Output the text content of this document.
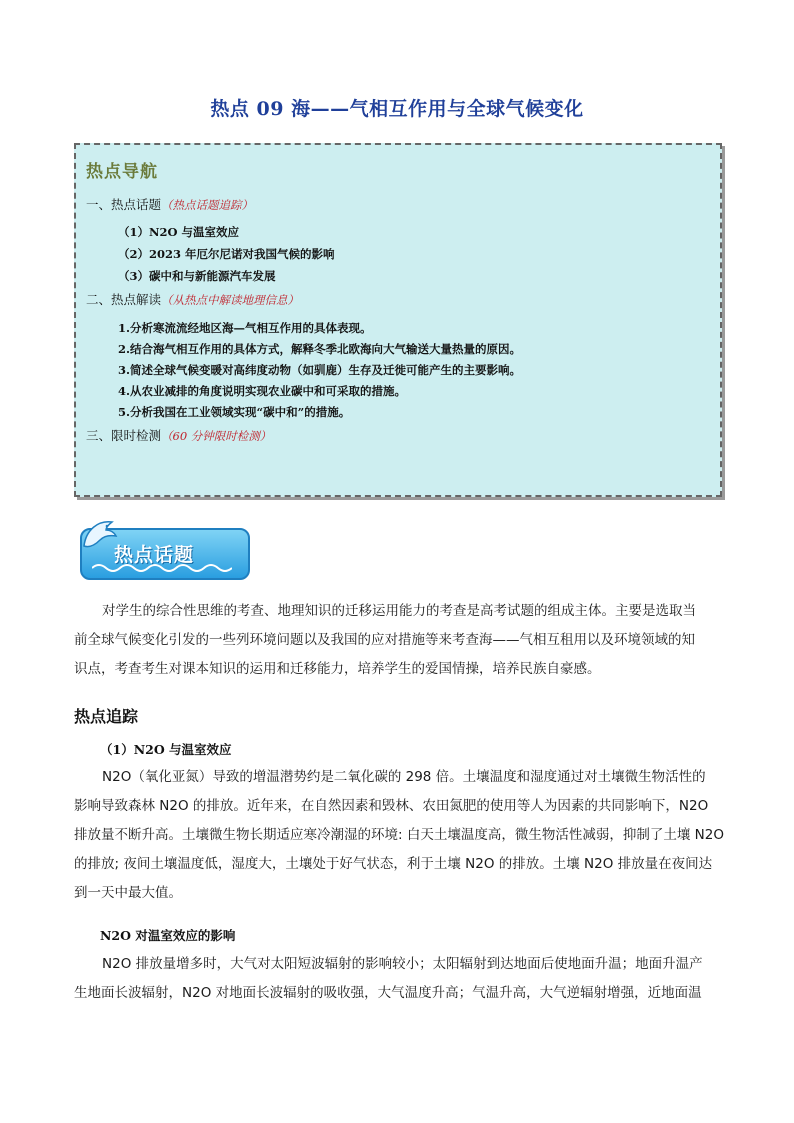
热点 09 海——气相互作用与全球气候变化
热点导航
一、热点话题（热点话题追踪）
（1）N2O 与温室效应
（2）2023 年厄尔尼诺对我国气候的影响
（3）碳中和与新能源汽车发展
二、热点解读（从热点中解读地理信息）
1.分析寒流流经地区海—气相互作用的具体表现。
2.结合海气相互作用的具体方式，解释冬季北欧海向大气输送大量热量的原因。
3.简述全球气候变暖对高纬度动物（如驯鹿）生存及迁徙可能产生的主要影响。
4.从农业减排的角度说明实现农业碳中和可采取的措施。
5.分析我国在工业领域实现“碳中和”的措施。
三、限时检测（60 分钟限时检测）
热点话题
对学生的综合性思维的考查、地理知识的迁移运用能力的考查是高考试题的组成主体。主要是选取当
前全球气候变化引发的一些列环境问题以及我国的应对措施等来考查海——气相互租用以及环境领域的知
识点，考查考生对课本知识的运用和迁移能力，培养学生的爱国情操，培养民族自豪感。
热点追踪
（1）N2O 与温室效应
N2O（氧化亚氮）导致的增温潜势约是二氧化碳的 298 倍。土壤温度和湿度通过对土壤微生物活性的
影响导致森林 N2O 的排放。近年来，在自然因素和毁林、农田氮肥的使用等人为因素的共同影响下，N2O
排放量不断升高。土壤微生物长期适应寒冷潮湿的环境: 白天土壤温度高，微生物活性减弱，抑制了土壤 N2O
的排放; 夜间土壤温度低，湿度大，土壤处于好气状态，利于土壤 N2O 的排放。土壤 N2O 排放量在夜间达
到一天中最大值。
N2O 对温室效应的影响
N2O 排放量增多时，大气对太阳短波辐射的影响较小；太阳辐射到达地面后使地面升温；地面升温产
生地面长波辐射，N2O 对地面长波辐射的吸收强，大气温度升高；气温升高，大气逆辐射增强，近地面温
